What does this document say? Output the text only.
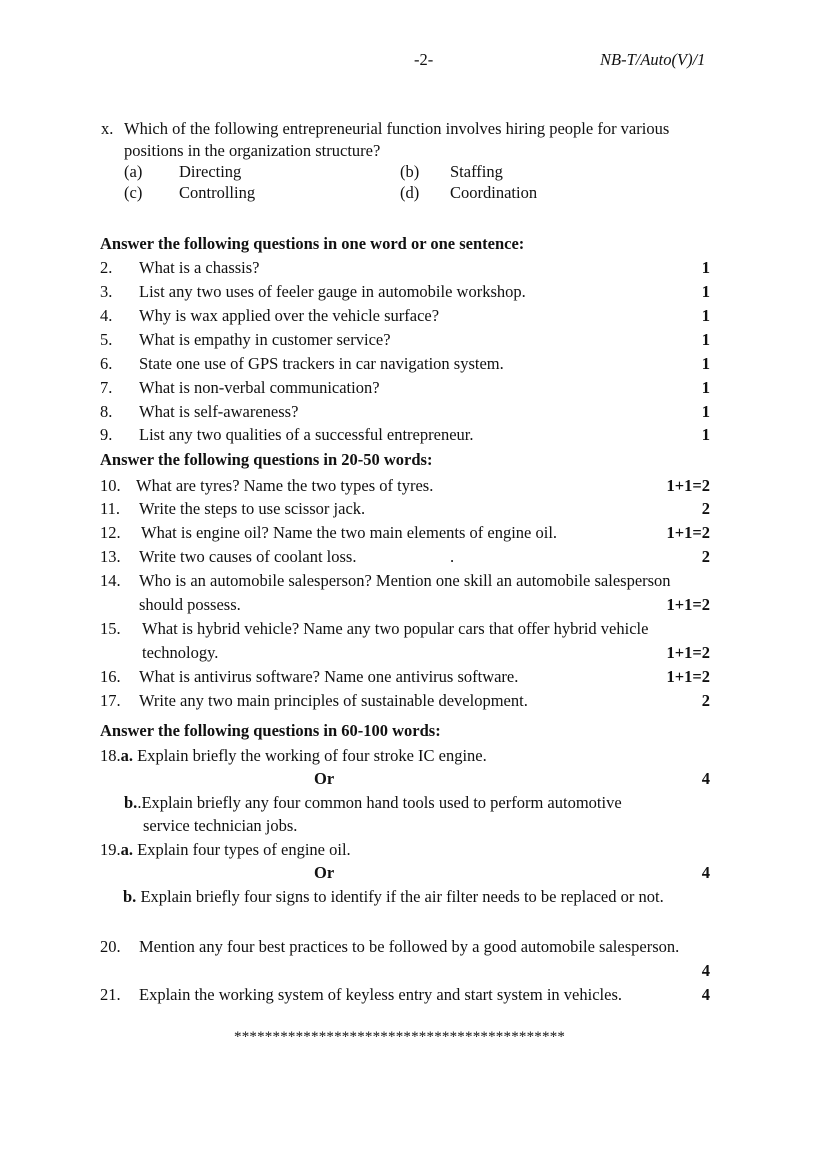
-2-	NB-T/Auto(V)/1
x. Which of the following entrepreneurial function involves hiring people for various
positions in the organization structure?
(a) Directing	(b) Staffing
(c) Controlling	(d) Coordination
Answer the following questions in one word or one sentence:
2. What is a chassis?	1
3. List any two uses of feeler gauge in automobile workshop.	1
4. Why is wax applied over the vehicle surface?	1
5. What is empathy in customer service?	1
6. State one use of GPS trackers in car navigation system.	1
7. What is non-verbal communication?	1
8. What is self-awareness?	1
9. List any two qualities of a successful entrepreneur.	1
Answer the following questions in 20-50 words:
10. What are tyres? Name the two types of tyres.	1+1=2
11. Write the steps to use scissor jack.	2
12. What is engine oil? Name the two main elements of engine oil.	1+1=2
13. Write two causes of coolant loss.	.	2
14. Who is an automobile salesperson? Mention one skill an automobile salesperson
should possess.	1+1=2
15. What is hybrid vehicle? Name any two popular cars that offer hybrid vehicle
technology.	1+1=2
16. What is antivirus software? Name one antivirus software.	1+1=2
17. Write any two main principles of sustainable development.	2
Answer the following questions in 60-100 words:
18.a. Explain briefly the working of four stroke IC engine.
Or	4
b..Explain briefly any four common hand tools used to perform automotive
service technician jobs.
19.a. Explain four types of engine oil.
Or	4
b. Explain briefly four signs to identify if the air filter needs to be replaced or not.
20. Mention any four best practices to be followed by a good automobile salesperson.
4
21. Explain the working system of keyless entry and start system in vehicles.	4
*******************************************
